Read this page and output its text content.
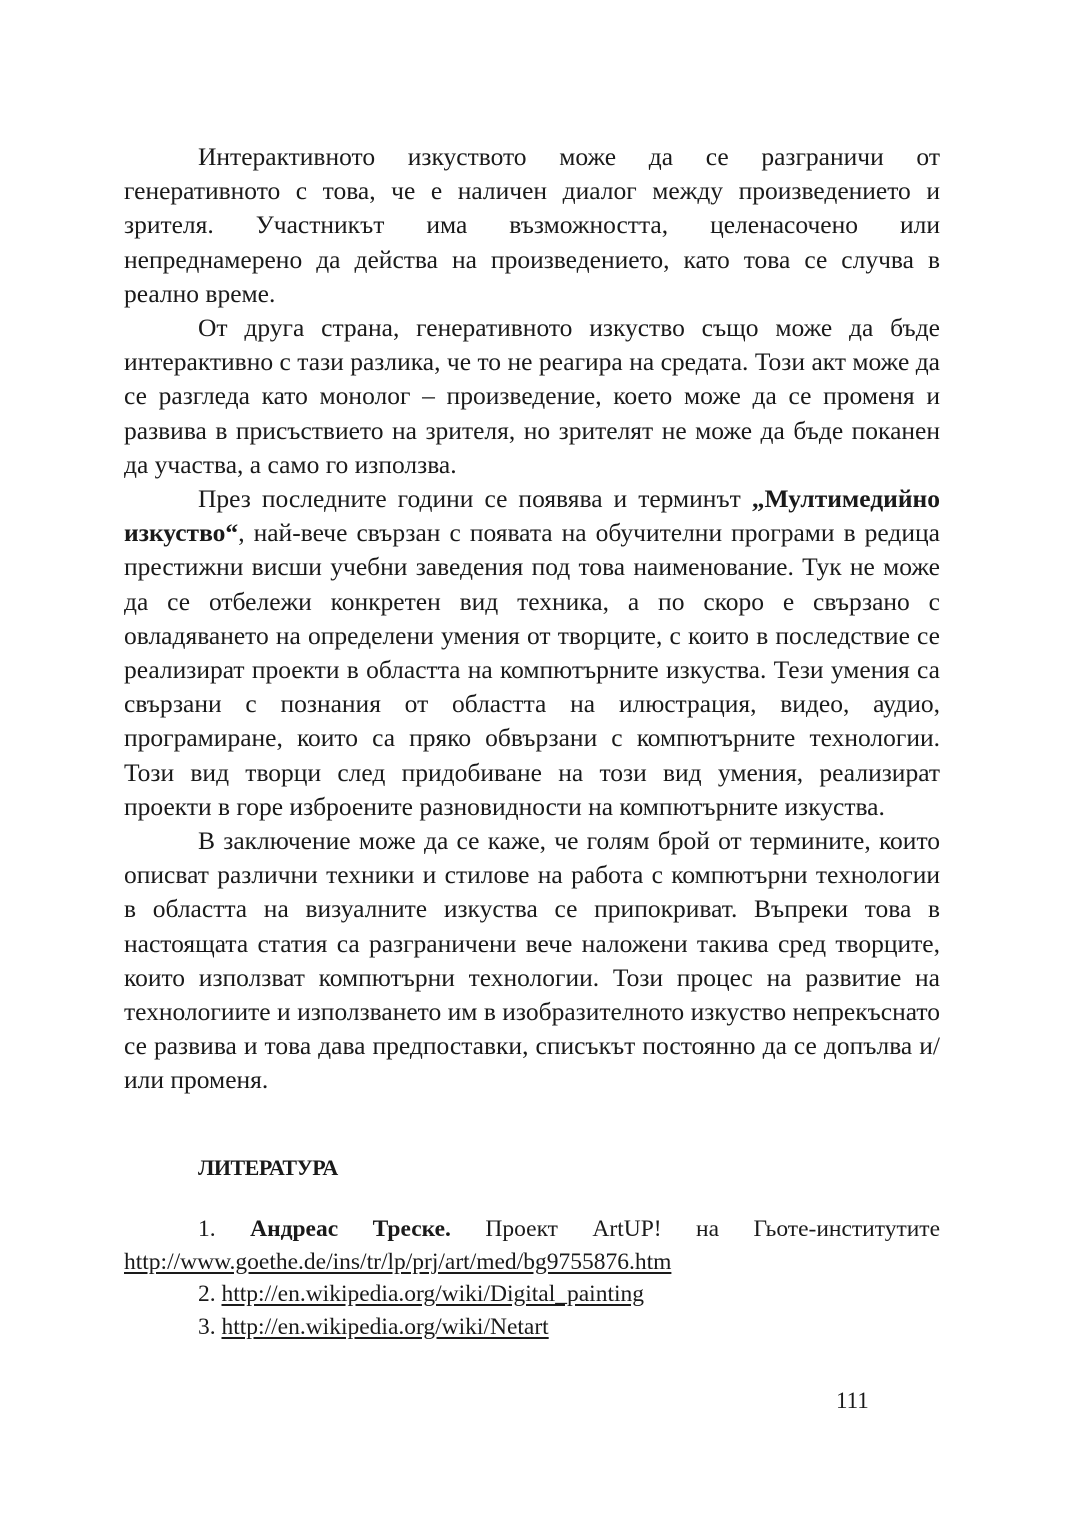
Интерактивното изкуството може да се разграничи от генеративното с това, че е наличен диалог между произведението и зрителя. Участникът има възможността, целенасочено или непреднамерено да действа на произведението, като това се случва в реално време.

От друга страна, генеративното изкуство също може да бъде интерактивно с тази разлика, че то не реагира на средата. Този акт може да се разгледа като монолог – произведение, което може да се променя и развива в присъствието на зрителя, но зрителят не може да бъде поканен да участва, а само го използва.

През последните години се появява и терминът „Мултимедийно изкуство“, най-вече свързан с появата на обучителни програми в редица престижни висши учебни заведения под това наименование. Тук не може да се отбележи конкретен вид техника, а по скоро е свързано с овладяването на определени умения от творците, с които в последствие се реализират проекти в областта на компютърните изкуства. Тези умения са свързани с познания от областта на илюстрация, видео, аудио, програмиране, които са пряко обвързани с компютърните технологии. Този вид творци след придобиване на този вид умения, реализират проекти в горе изброените разновидности на компютърните изкуства.

В заключение може да се каже, че голям брой от термините, които описват различни техники и стилове на работа с компютърни технологии в областта на визуалните изкуства се припокриват. Въпреки това в настоящата статия са разграничени вече наложени такива сред творците, които използват компютърни технологии. Този процес на развитие на технологиите и използването им в изобразителното изкуство непрекъснато се развива и това дава предпоставки, списъкът постоянно да се допълва и/или променя.

ЛИТЕРАТУРА

1. Андреас Треске. Проект ArtUP! на Гьоте-институтите http://www.goethe.de/ins/tr/lp/prj/art/med/bg9755876.htm

2. http://en.wikipedia.org/wiki/Digital_painting

3. http://en.wikipedia.org/wiki/Netart

111
